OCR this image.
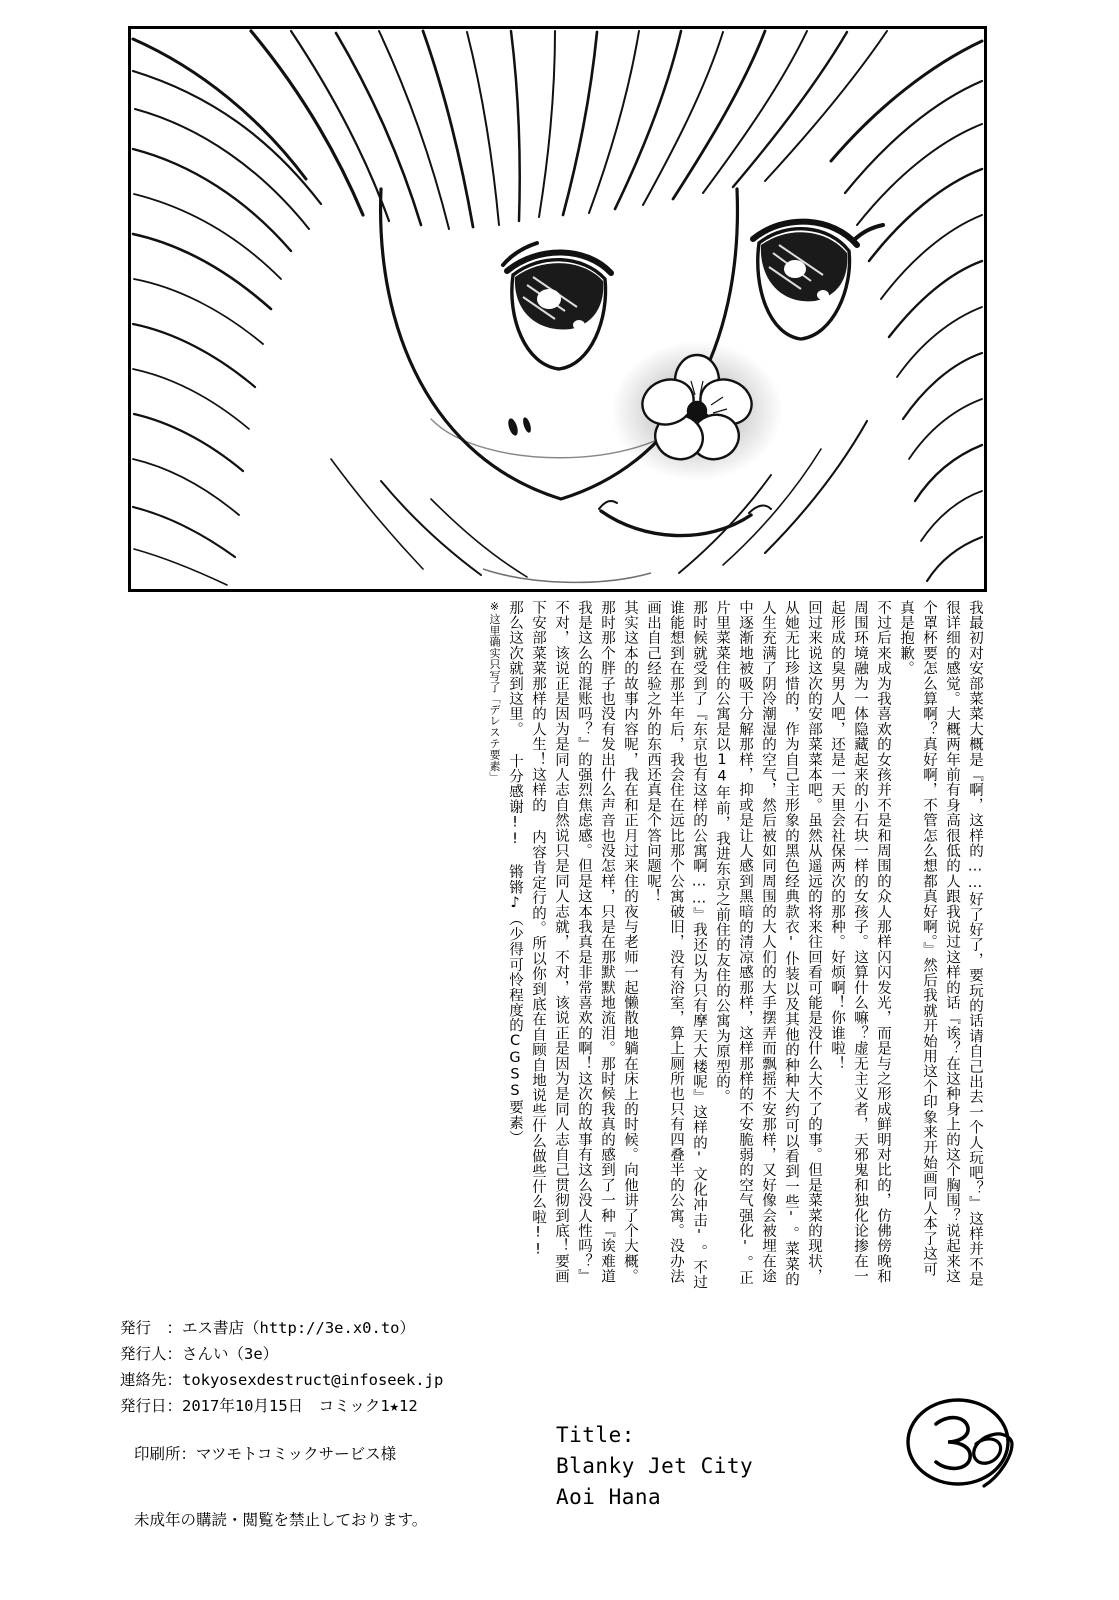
我最初对安部菜菜大概是『啊，这样的……好了好了，要玩的话请自己出去一个人玩吧？』这样并不是很详细的感觉。大概两年前有身高很低的人跟我说过这样的话『诶？在这种身上的这个胸围？说起来这个罩杯要怎么算啊？真好啊，不管怎么想都真好啊。』然后我就开始用这个印象来开始画同人本了这可真是抱歉。
不过后来成为我喜欢的女孩并不是和周围的众人那样闪闪发光，而是与之形成鲜明对比的，仿佛傍晚和周围环境融为一体隐藏起来的小石块一样的女孩子。这算什么嘛？虚无主义者，天邪鬼和独化论掺在一起形成的臭男人吧，还是一天里会社保两次的那种。好烦啊！你谁啦！
回过来说这次的安部菜菜本吧。虽然从遥远的将来往回看可能是没什么大不了的事。但是菜菜的现状，从她无比珍惜的，作为自己主形象的黑色经典款衣'仆装以及其他的种种大约可以看到一些'。菜菜的人生充满了阴冷潮湿的空气，然后被如同周围的大人们的大手摆弄而飘摇不安那样，又好像会被埋在途中逐渐地被吸干分解那样，抑或是让人感到黑暗的清凉感那样，这样那样的不安脆弱的空气强化'。正片里菜菜住的公寓是以14年前，我进东京之前住的友住的公寓为原型的。
那时候就受到了『东京也有这样的公寓啊……』我还以为只有摩天大楼呢』这样的'文化冲击'。不过谁能想到在那半年后，我会住在远比那个公寓破旧，没有浴室，算上厕所也只有四叠半的公寓。没办法画出自己经验之外的东西还真是个答问题呢！
其实这本的故事内容呢，我在和正月过来住的夜与老师一起懒散地躺在床上的时候。向他讲了个大概。那时那个胖子也没有发出什么声音也没怎样，只是在那默默地流泪。那时候我真的感到了一种『诶难道我是这么的混账吗？』的强烈焦虑感。但是这本我真是非常喜欢的啊！这次的故事有这么没人性吗？』不对，该说正是因为是同人志自然说只是同人志就，不对，该说正是因为是同人志自己贯彻到底！要画下安部菜菜那样的人生！这样的 内容肯定行的。所以你到底在自顾自地说些什么做些什么啦!!
那么这次就到这里。 十分感谢!! 锵锵♪（少得可怜程度的CGSS要素）
※这里确实只写了「デレステ要素」
発行　：エス書店（http://3e.x0.to）
発行人：さんい（3e）
連絡先：tokyosexdestruct@infoseek.jp
発行日：2017年10月15日　コミック1★12
印刷所：マツモトコミックサービス様
未成年の購読・閲覧を禁止しております。
Title:
Blanky Jet City
Aoi Hana
